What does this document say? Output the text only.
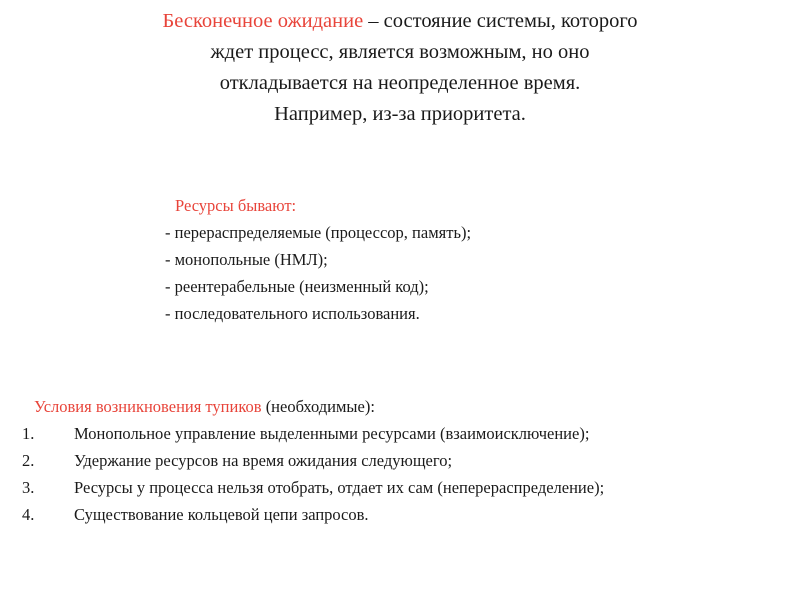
Бесконечное ожидание – состояние системы, которого
ждет процесс, является возможным, но оно
откладывается на неопределенное время.
Например, из-за приоритета.
Ресурсы бывают:
- перераспределяемые (процессор, память);
- монопольные (НМЛ);
- реентерабельные (неизменный код);
- последовательного использования.
Условия возникновения тупиков (необходимые):
1.	Монопольное управление выделенными ресурсами (взаимоисключение);
2.	Удержание ресурсов на время ожидания следующего;
3.	Ресурсы у процесса нельзя отобрать, отдает их сам (неперераспределение);
4.	Существование кольцевой цепи запросов.
